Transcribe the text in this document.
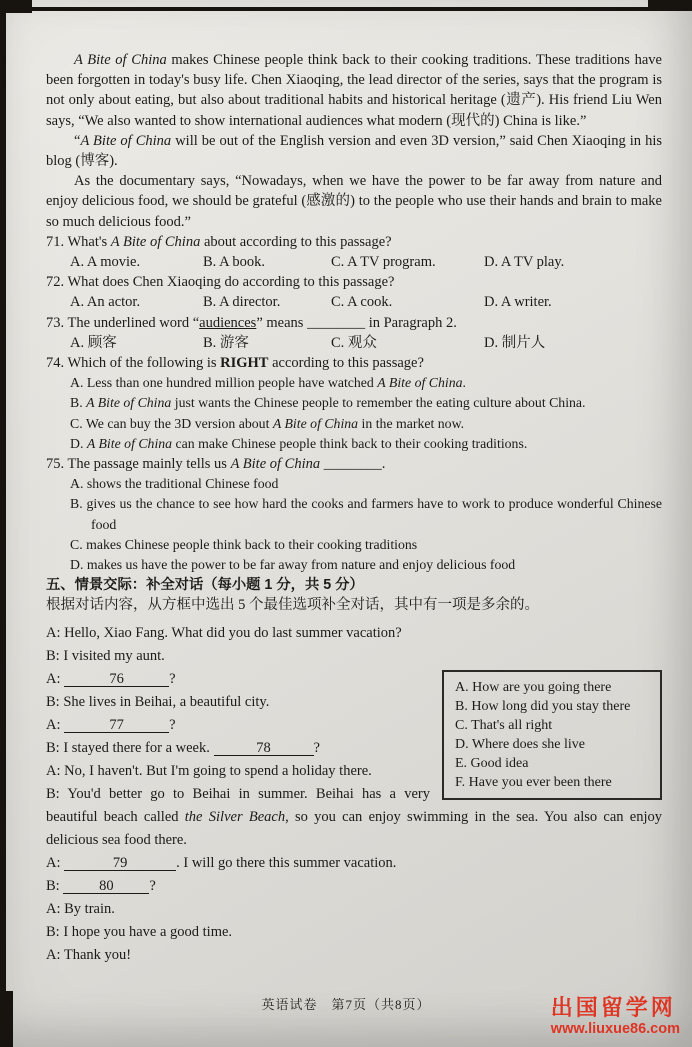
A Bite of China makes Chinese people think back to their cooking traditions. These traditions have been forgotten in today's busy life. Chen Xiaoqing, the lead director of the series, says that the program is not only about eating, but also about traditional habits and historical heritage (遗产). His friend Liu Wen says, “We also wanted to show international audiences what modern (现代的) China is like.”

“A Bite of China will be out of the English version and even 3D version,” said Chen Xiaoqing in his blog (博客).

As the documentary says, “Nowadays, when we have the power to be far away from nature and enjoy delicious food, we should be grateful (感激的) to the people who use their hands and brain to make so much delicious food.”

71. What's A Bite of China about according to this passage?

A. A movie.	B. A book.	C. A TV program.	D. A TV play.

72. What does Chen Xiaoqing do according to this passage?

A. An actor.	B. A director.	C. A cook.	D. A writer.

73. The underlined word “audiences” means ________ in Paragraph 2.

A. 顾客	B. 游客	C. 观众	D. 制片人

74. Which of the following is RIGHT according to this passage?

A. Less than one hundred million people have watched A Bite of China.

B. A Bite of China just wants the Chinese people to remember the eating culture about China.

C. We can buy the 3D version about A Bite of China in the market now.

D. A Bite of China can make Chinese people think back to their cooking traditions.

75. The passage mainly tells us A Bite of China ________.

A. shows the traditional Chinese food

B. gives us the chance to see how hard the cooks and farmers have to work to produce wonderful Chinese food

C. makes Chinese people think back to their cooking traditions

D. makes us have the power to be far away from nature and enjoy delicious food

五、情景交际：补全对话（每小题 1 分，共 5 分）

根据对话内容，从方框中选出 5 个最佳选项补全对话，其中有一项是多余的。

A: Hello, Xiao Fang. What did you do last summer vacation?

B: I visited my aunt.

A. How are you going there
B. How long did you stay there
C. That's all right
D. Where does she live
E. Good idea
F. Have you ever been there

A:	76	?

B: She lives in Beihai, a beautiful city.

A:	77	?

B: I stayed there for a week.	78	?

A: No, I haven't. But I'm going to spend a holiday there.

B: You'd better go to Beihai in summer. Beihai has a very beautiful beach called the Silver Beach, so you can enjoy swimming in the sea. You also can enjoy delicious sea food there.

A:	79	. I will go there this summer vacation.

B: 80 ?

A: By train.

B: I hope you have a good time.

A: Thank you!

英语试卷　第7页（共8页）	出国留学网
www.liuxue86.com
